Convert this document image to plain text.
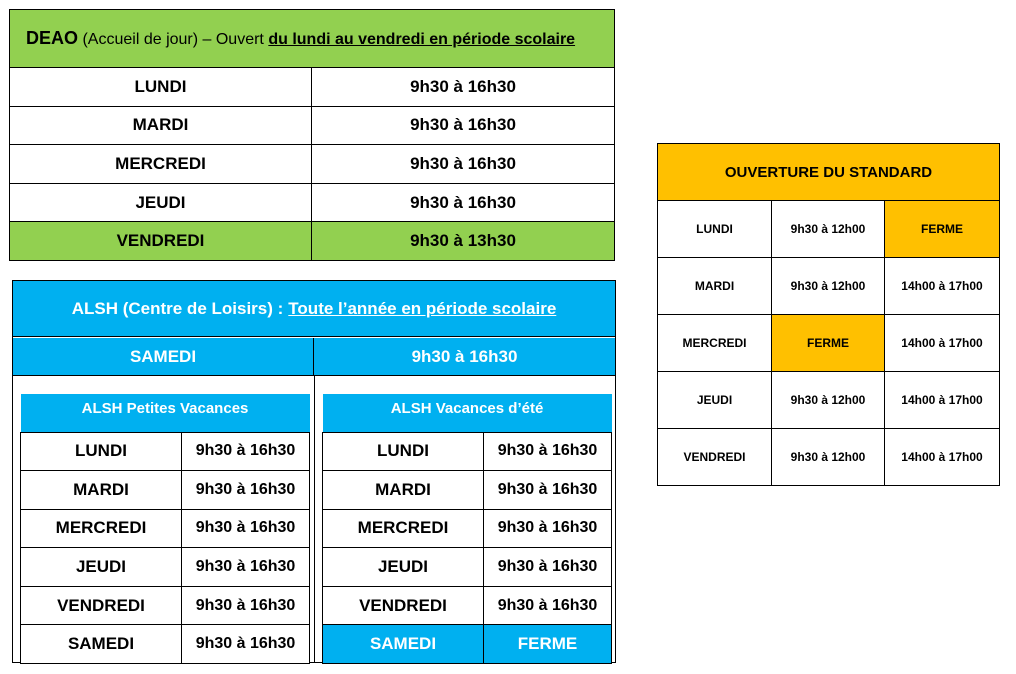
DEAO (Accueil de jour) – Ouvert du lundi au vendredi en période scolaire	
LUNDI	9h30 à 16h30
MARDI	9h30 à 16h30
MERCREDI	9h30 à 16h30
JEUDI	9h30 à 16h30
VENDREDI	9h30 à 13h30
ALSH (Centre de Loisirs) : Toute l’année en période scolaire
SAMEDI	9h30 à 16h30
ALSH Petites Vacances	
LUNDI	9h30 à 16h30
MARDI	9h30 à 16h30
MERCREDI	9h30 à 16h30
JEUDI	9h30 à 16h30
VENDREDI	9h30 à 16h30
SAMEDI	9h30 à 16h30
ALSH Vacances d’été	
LUNDI	9h30 à 16h30
MARDI	9h30 à 16h30
MERCREDI	9h30 à 16h30
JEUDI	9h30 à 16h30
VENDREDI	9h30 à 16h30
SAMEDI	FERME
OUVERTURE DU STANDARD		
LUNDI	9h30 à 12h00	FERME
MARDI	9h30 à 12h00	14h00 à 17h00
MERCREDI	FERME	14h00 à 17h00
JEUDI	9h30 à 12h00	14h00 à 17h00
VENDREDI	9h30 à 12h00	14h00 à 17h00
